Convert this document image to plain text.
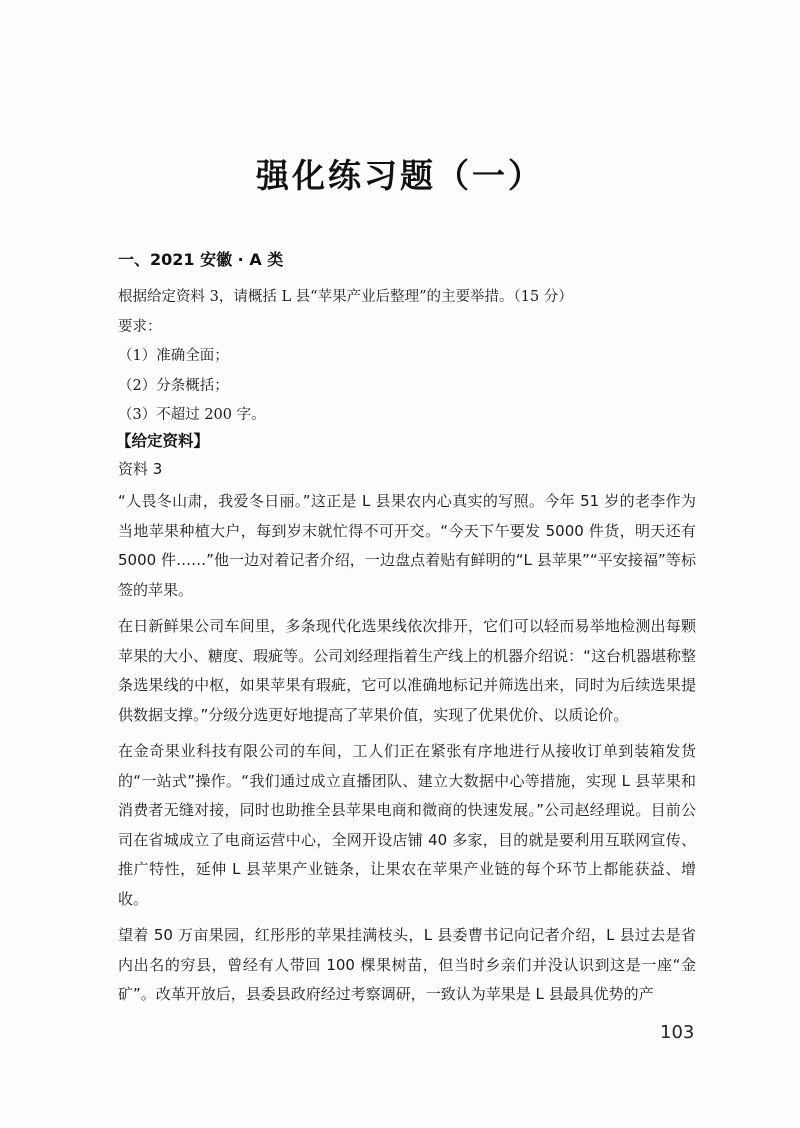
强化练习题（一）
一、2021 安徽 · A 类
根据给定资料 3，请概括 L 县“苹果产业后整理”的主要举措。（15 分）
要求：
（1）准确全面；
（2）分条概括；
（3）不超过 200 字。
【给定资料】
资料 3

“人畏冬山肃，我爱冬日丽。”这正是 L 县果农内心真实的写照。今年 51 岁的老李作为当地苹果种植大户，每到岁末就忙得不可开交。“今天下午要发 5000 件货，明天还有 5000 件……”他一边对着记者介绍，一边盘点着贴有鲜明的“L 县苹果”“平安接福”等标签的苹果。

在日新鲜果公司车间里，多条现代化选果线依次排开，它们可以轻而易举地检测出每颗苹果的大小、糖度、瑕疵等。公司刘经理指着生产线上的机器介绍说：“这台机器堪称整条选果线的中枢，如果苹果有瑕疵，它可以准确地标记并筛选出来，同时为后续选果提供数据支撑。”分级分选更好地提高了苹果价值，实现了优果优价、以质论价。

在金奇果业科技有限公司的车间，工人们正在紧张有序地进行从接收订单到装箱发货的“一站式”操作。“我们通过成立直播团队、建立大数据中心等措施，实现 L 县苹果和消费者无缝对接，同时也助推全县苹果电商和微商的快速发展。”公司赵经理说。目前公司在省城成立了电商运营中心，全网开设店铺 40 多家，目的就是要利用互联网宣传、推广特性，延伸 L 县苹果产业链条，让果农在苹果产业链的每个环节上都能获益、增收。

望着 50 万亩果园，红彤彤的苹果挂满枝头，L 县委曹书记向记者介绍，L 县过去是省内出名的穷县，曾经有人带回 100 棵果树苗，但当时乡亲们并没认识到这是一座“金矿”。改革开放后，县委县政府经过考察调研，一致认为苹果是 L 县最具优势的产

103
